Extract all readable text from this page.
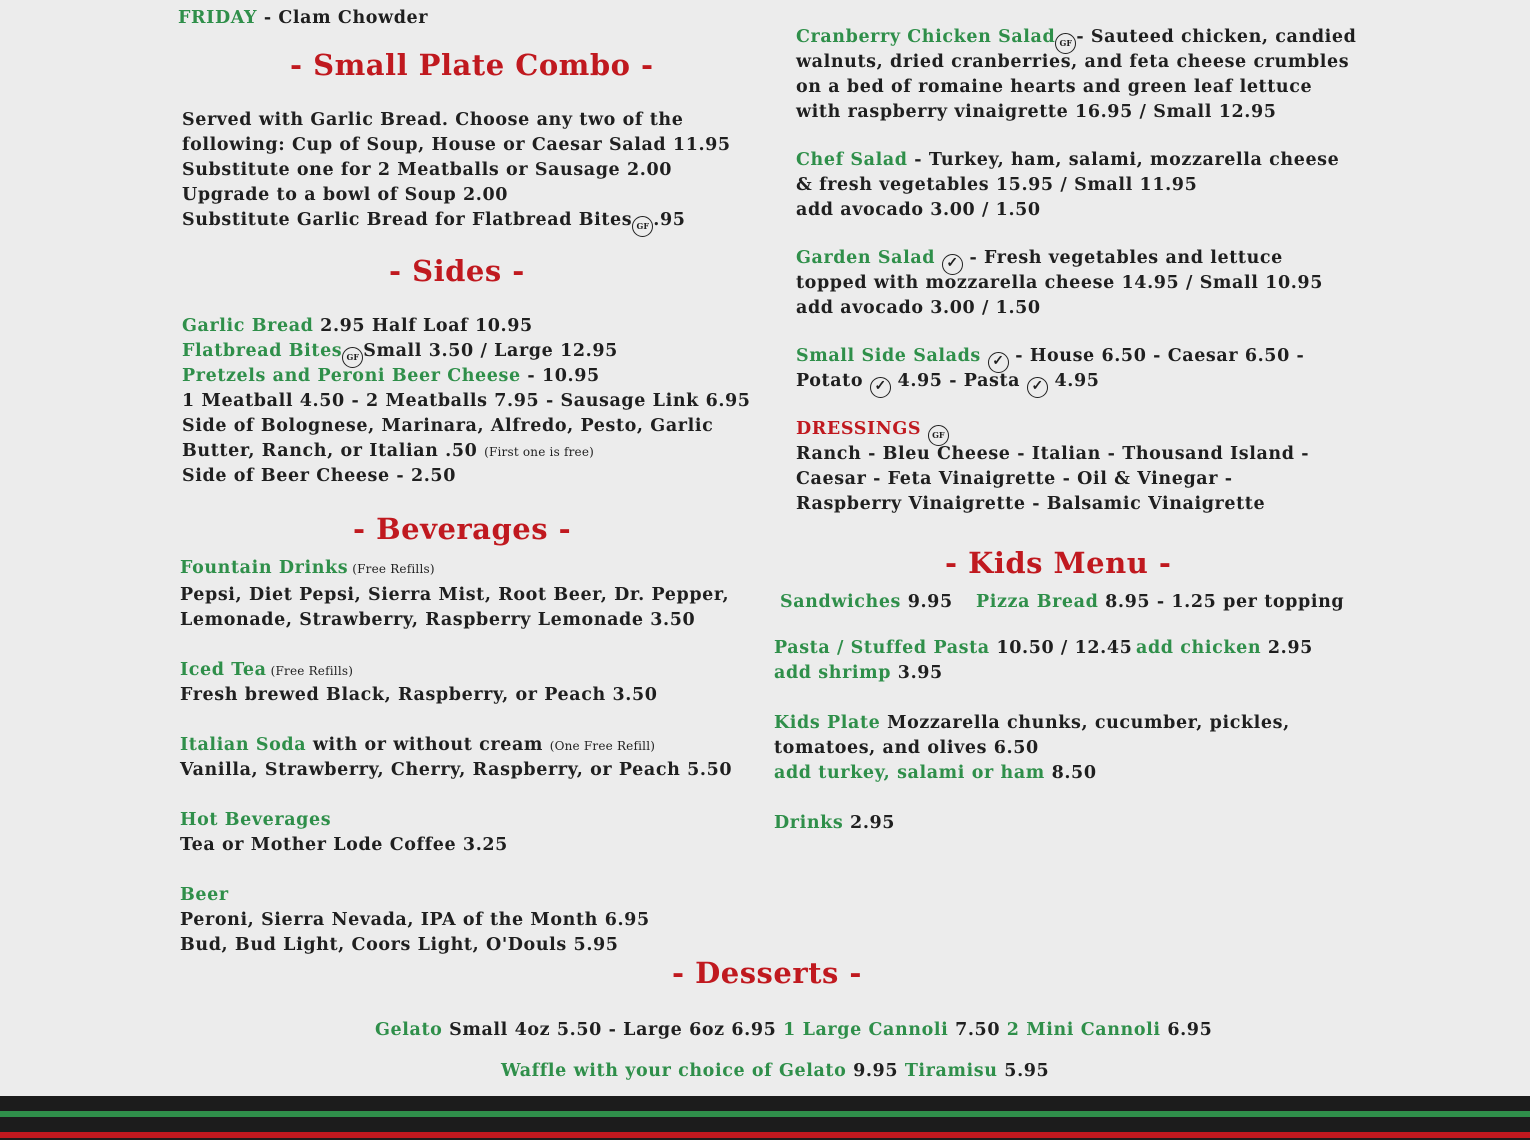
FRIDAY - Clam Chowder
- Small Plate Combo -
Served with Garlic Bread. Choose any two of the
following: Cup of Soup, House or Caesar Salad 11.95
Substitute one for 2 Meatballs or Sausage 2.00
Upgrade to a bowl of Soup 2.00
Substitute Garlic Bread for Flatbread Bites GF .95
- Sides -
Garlic Bread 2.95 Half Loaf 10.95
Flatbread Bites GF Small 3.50 / Large 12.95
Pretzels and Peroni Beer Cheese - 10.95
1 Meatball 4.50 - 2 Meatballs 7.95 - Sausage Link 6.95
Side of Bolognese, Marinara, Alfredo, Pesto, Garlic
Butter, Ranch, or Italian .50 (First one is free)
Side of Beer Cheese - 2.50
- Beverages -
Fountain Drinks (Free Refills)
Pepsi, Diet Pepsi, Sierra Mist, Root Beer, Dr. Pepper,
Lemonade, Strawberry, Raspberry Lemonade 3.50
Iced Tea (Free Refills)
Fresh brewed Black, Raspberry, or Peach 3.50
Italian Soda with or without cream (One Free Refill)
Vanilla, Strawberry, Cherry, Raspberry, or Peach 5.50
Hot Beverages
Tea or Mother Lode Coffee 3.25
Beer
Peroni, Sierra Nevada, IPA of the Month 6.95
Bud, Bud Light, Coors Light, O'Douls 5.95
Cranberry Chicken Salad GF - Sauteed chicken, candied
walnuts, dried cranberries, and feta cheese crumbles
on a bed of romaine hearts and green leaf lettuce
with raspberry vinaigrette 16.95 / Small 12.95
Chef Salad - Turkey, ham, salami, mozzarella cheese
& fresh vegetables 15.95 / Small 11.95
add avocado 3.00 / 1.50
Garden Salad ✓ - Fresh vegetables and lettuce
topped with mozzarella cheese 14.95 / Small 10.95
add avocado 3.00 / 1.50
Small Side Salads ✓ - House 6.50 - Caesar 6.50 -
Potato ✓ 4.95 - Pasta ✓ 4.95
DRESSINGS GF
Ranch - Bleu Cheese - Italian - Thousand Island -
Caesar - Feta Vinaigrette - Oil & Vinegar -
Raspberry Vinaigrette - Balsamic Vinaigrette
- Kids Menu -
Sandwiches 9.95 Pizza Bread 8.95 - 1.25 per topping
Pasta / Stuffed Pasta 10.50 / 12.45 add chicken 2.95
add shrimp 3.95
Kids Plate Mozzarella chunks, cucumber, pickles,
tomatoes, and olives 6.50
add turkey, salami or ham 8.50
Drinks 2.95
- Desserts -
Gelato Small 4oz 5.50 - Large 6oz 6.95 1 Large Cannoli 7.50 2 Mini Cannoli 6.95
Waffle with your choice of Gelato 9.95 Tiramisu 5.95
